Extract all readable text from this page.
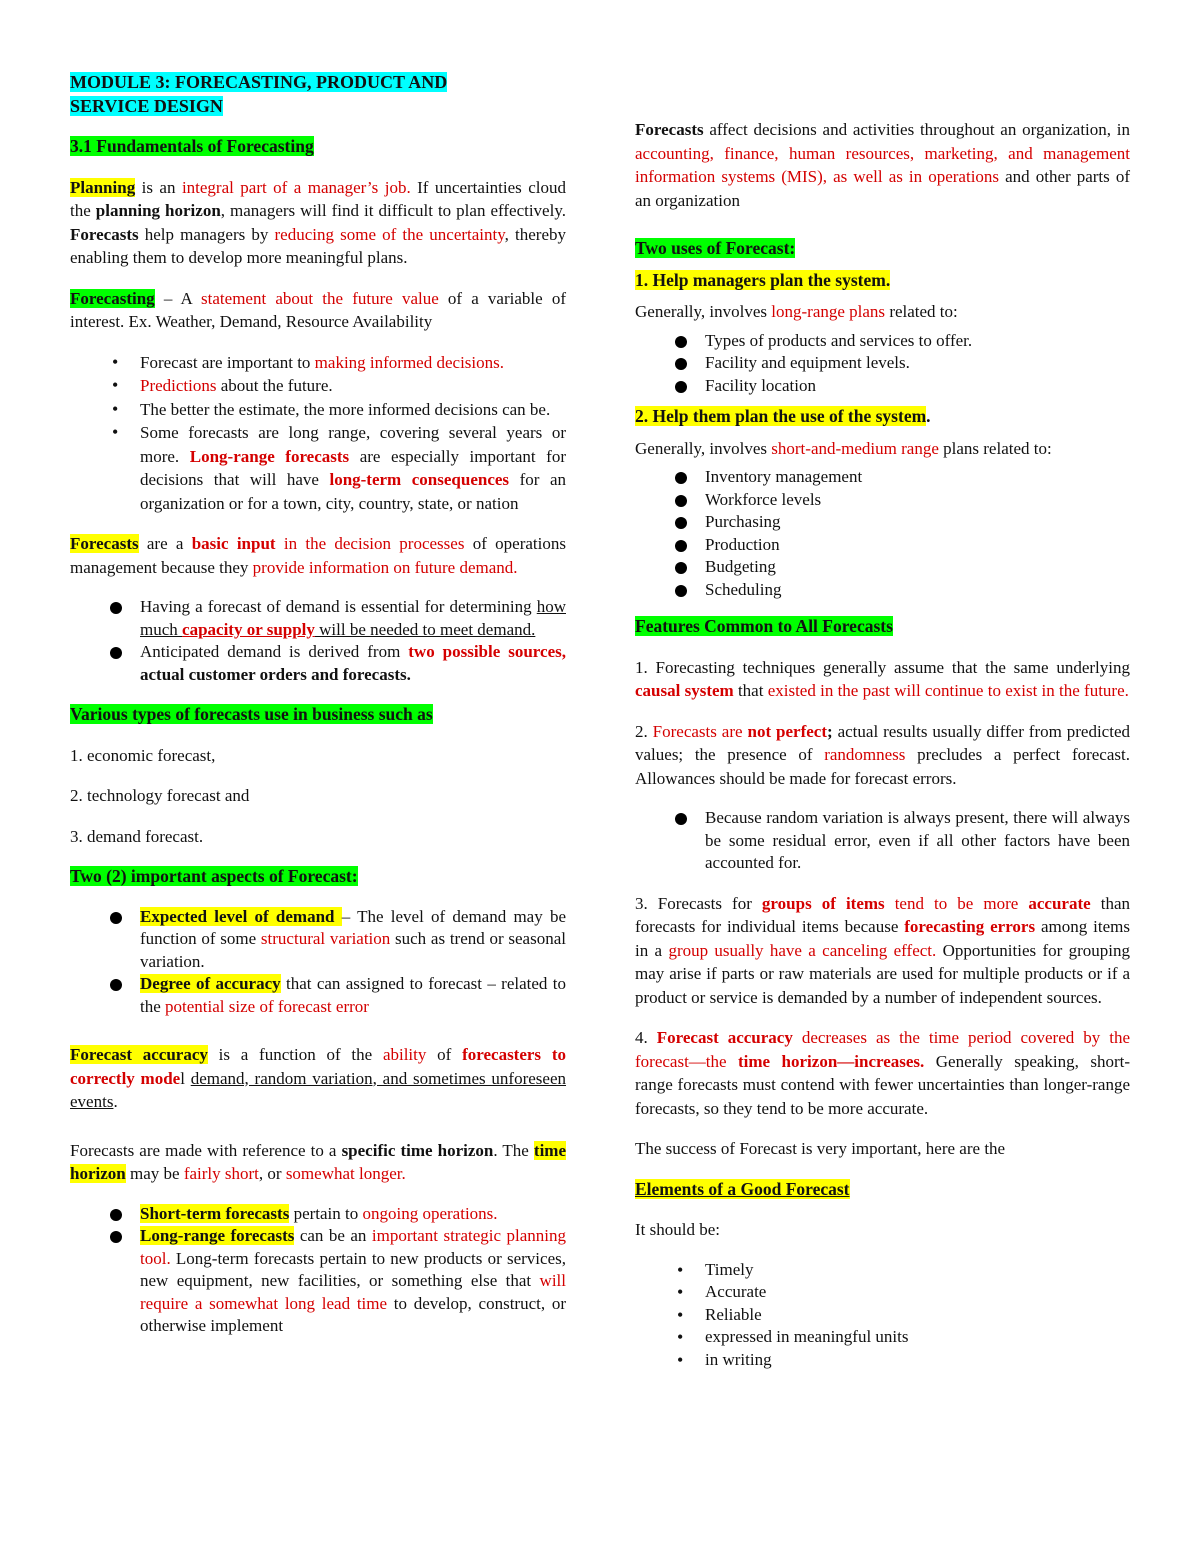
MODULE 3: FORECASTING, PRODUCT AND
SERVICE DESIGN

3.1 Fundamentals of Forecasting

Planning is an integral part of a manager’s job. If uncertainties cloud the planning horizon, managers will find it difficult to plan effectively. Forecasts help managers by reducing some of the uncertainty, thereby enabling them to develop more meaningful plans.

Forecasting – A statement about the future value of a variable of interest. Ex. Weather, Demand, Resource Availability

• Forecast are important to making informed decisions.
• Predictions about the future.
• The better the estimate, the more informed decisions can be.
• Some forecasts are long range, covering several years or more. Long-range forecasts are especially important for decisions that will have long-term consequences for an organization or for a town, city, country, state, or nation

Forecasts are a basic input in the decision processes of operations management because they provide information on future demand.

Having a forecast of demand is essential for determining how much capacity or supply will be needed to meet demand.
Anticipated demand is derived from two possible sources, actual customer orders and forecasts.

Various types of forecasts use in business such as

1. economic forecast,

2. technology forecast and

3. demand forecast.

Two (2) important aspects of Forecast:

Expected level of demand – The level of demand may be function of some structural variation such as trend or seasonal variation.
Degree of accuracy that can assigned to forecast – related to the potential size of forecast error

Forecast accuracy is a function of the ability of forecasters to correctly model demand, random variation, and sometimes unforeseen events.

Forecasts are made with reference to a specific time horizon. The time horizon may be fairly short, or somewhat longer.

Short-term forecasts pertain to ongoing operations.
Long-range forecasts can be an important strategic planning tool. Long-term forecasts pertain to new products or services, new equipment, new facilities, or something else that will require a somewhat long lead time to develop, construct, or otherwise implement

Forecasts affect decisions and activities throughout an organization, in accounting, finance, human resources, marketing, and management information systems (MIS), as well as in operations and other parts of an organization

Two uses of Forecast:

1. Help managers plan the system.

Generally, involves long-range plans related to:

Types of products and services to offer.
Facility and equipment levels.
Facility location

2. Help them plan the use of the system.

Generally, involves short-and-medium range plans related to:

Inventory management
Workforce levels
Purchasing
Production
Budgeting
Scheduling

Features Common to All Forecasts

1. Forecasting techniques generally assume that the same underlying causal system that existed in the past will continue to exist in the future.

2. Forecasts are not perfect; actual results usually differ from predicted values; the presence of randomness precludes a perfect forecast. Allowances should be made for forecast errors.

Because random variation is always present, there will always be some residual error, even if all other factors have been accounted for.

3. Forecasts for groups of items tend to be more accurate than forecasts for individual items because forecasting errors among items in a group usually have a canceling effect. Opportunities for grouping may arise if parts or raw materials are used for multiple products or if a product or service is demanded by a number of independent sources.

4. Forecast accuracy decreases as the time period covered by the forecast—the time horizon—increases. Generally speaking, short-range forecasts must contend with fewer uncertainties than longer-range forecasts, so they tend to be more accurate.

The success of Forecast is very important, here are the

Elements of a Good Forecast

It should be:

• Timely
• Accurate
• Reliable
• expressed in meaningful units
• in writing
